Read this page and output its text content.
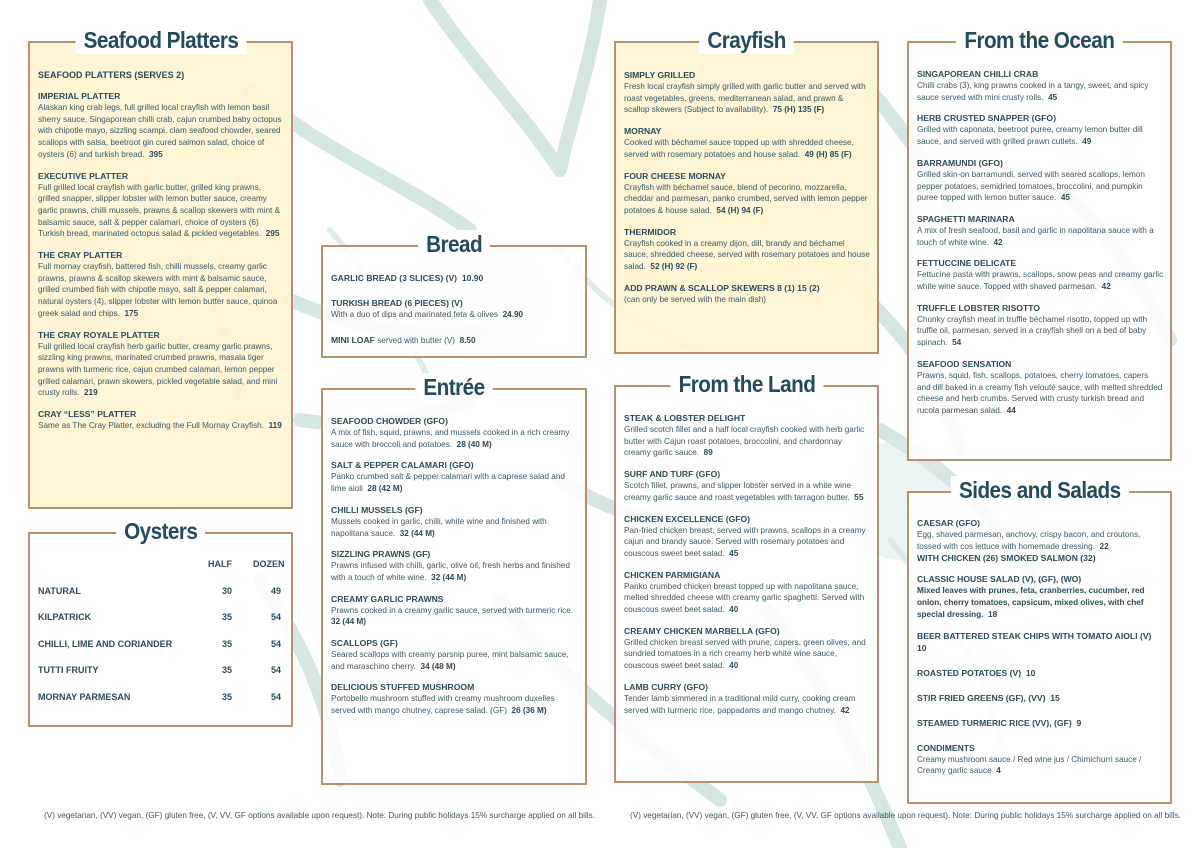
Seafood Platters
SEAFOOD PLATTERS (SERVES 2)
IMPERIAL PLATTER
Alaskan king crab legs, full grilled local crayfish with lemon basil sherry sauce, Singaporean chilli crab, cajun crumbed baby octopus with chipotle mayo, sizzling scampi, clam seafood chowder, seared scallops with salsa, beetroot gin cured salmon salad, choice of oysters (6) and turkish bread. 395
EXECUTIVE PLATTER
Full grilled local crayfish with garlic butter, grilled king prawns, grilled snapper, slipper lobster with lemon butter sauce, creamy garlic prawns, chilli mussels, prawns & scallop skewers with mint & balsamic sauce, salt & pepper calamari, choice of oysters (6) Turkish bread, marinated octopus salad & pickled vegetables. 295
THE CRAY PLATTER
Full mornay crayfish, battered fish, chilli mussels, creamy garlic prawns, prawns & scallop skewers with mint & balsamic sauce, grilled crumbed fish with chipotle mayo, salt & pepper calamari, natural oysters (4), slipper lobster with lemon butter sauce, quinoa greek salad and chips. 175
THE CRAY ROYALE PLATTER
Full grilled local crayfish herb garlic butter, creamy garlic prawns, sizzling king prawns, marinated crumbed prawns, masala tiger prawns with turmeric rice, cajun crumbed calamari, lemon pepper grilled calamari, prawn skewers, pickled vegetable salad, and mini crusty rolls. 219
CRAY “LESS” PLATTER
Same as The Cray Platter, excluding the Full Mornay Crayfish. 119
Oysters
HALF DOZEN
NATURAL	30	49
KILPATRICK	35	54
CHILLI, LIME AND CORIANDER	35	54
TUTTI FRUITY	35	54
MORNAY PARMESAN	35	54
Bread
GARLIC BREAD (3 SLICES) (V) 10.90
TURKISH BREAD (6 PIECES) (V)
With a duo of dips and marinated feta & olives 24.90
MINI LOAF served with butter (V) 8.50
Entrée
SEAFOOD CHOWDER (GFO)
A mix of fish, squid, prawns, and mussels cooked in a rich creamy sauce with broccoli and potatoes. 28 (40 M)
SALT & PEPPER CALAMARI (GFO)
Panko crumbed salt & pepper calamari with a caprese salad and lime aioli 28 (42 M)
CHILLI MUSSELS (GF)
Mussels cooked in garlic, chilli, white wine and finished with napolitana sauce. 32 (44 M)
SIZZLING PRAWNS (GF)
Prawns infused with chilli, garlic, olive oil, fresh herbs and finished with a touch of white wine. 32 (44 M)
CREAMY GARLIC PRAWNS
Prawns cooked in a creamy garlic sauce, served with turmeric rice.  32 (44 M)
SCALLOPS (GF)
Seared scallops with creamy parsnip puree, mint balsamic sauce, and maraschino cherry. 34 (48 M)
DELICIOUS STUFFED MUSHROOM
Portobello mushroom stuffed with creamy mushroom duxelles served with mango chutney, caprese salad. (GF) 26 (36 M)
Crayfish
SIMPLY GRILLED
Fresh local crayfish simply grilled with garlic butter and served with roast vegetables, greens, mediterranean salad, and prawn & scallop skewers (Subject to availability). 75 (H) 135 (F)
MORNAY
Cooked with béchamel sauce topped up with shredded cheese, served with rosemary potatoes and house salad. 49 (H) 85 (F)
FOUR CHEESE MORNAY
Crayfish with béchamel sauce, blend of pecorino, mozzarella, cheddar and parmesan, panko crumbed, served with lemon pepper potatoes & house salad. 54 (H) 94 (F)
THERMIDOR
Crayfish cooked in a creamy dijon, dill, brandy and béchamel sauce, shredded cheese, served with rosemary potatoes and house salad. 52 (H) 92 (F)
ADD PRAWN & SCALLOP SKEWERS 8 (1) 15 (2)
(can only be served with the main dish)
From the Land
STEAK & LOBSTER DELIGHT
Grilled scotch fillet and a half local crayfish cooked with herb garlic butter with Cajun roast potatoes, broccolini, and chardonnay creamy garlic sauce. 89
SURF AND TURF (GFO)
Scotch fillet, prawns, and slipper lobster served in a white wine creamy garlic sauce and roast vegetables with tarragon butter. 55
CHICKEN EXCELLENCE (GFO)
Pan-fried chicken breast, served with prawns, scallops in a creamy cajun and brandy sauce. Served with rosemary potatoes and couscous sweet beet salad. 45
CHICKEN PARMIGIANA
Panko crumbed chicken breast topped up with napolitana sauce, melted shredded cheese with creamy garlic spaghetti. Served with couscous sweet beet salad. 40
CREAMY CHICKEN MARBELLA (GFO)
Grilled chicken breast served with prune, capers, green olives, and sundried tomatoes in a rich creamy herb white wine sauce, couscous sweet beet salad. 40
LAMB CURRY (GFO)
Tender lamb simmered in a traditional mild curry, cooking cream served with turmeric rice, pappadams and mango chutney. 42
From the Ocean
SINGAPOREAN CHILLI CRAB
Chilli crabs (3), king prawns cooked in a tangy, sweet, and spicy sauce served with mini crusty rolls. 45
HERB CRUSTED SNAPPER (GFO)
Grilled with caponata, beetroot puree, creamy lemon butter dill sauce, and served with grilled prawn cutlets. 49
BARRAMUNDI (GFO)
Grilled skin-on barramundi, served with seared scallops, lemon pepper potatoes, semidried tomatoes, broccolini, and pumpkin puree topped with lemon butter sauce. 45
SPAGHETTI MARINARA
A mix of fresh seafood, basil and garlic in napolitana sauce with a touch of white wine. 42
FETTUCCINE DELICATE
Fettucine pasta with prawns, scallops, snow peas and creamy garlic white wine sauce. Topped with shaved parmesan. 42
TRUFFLE LOBSTER RISOTTO
Chunky crayfish meat in truffle béchamel risotto, topped up with truffle oil, parmesan, served in a crayfish shell on a bed of baby spinach. 54
SEAFOOD SENSATION
Prawns, squid, fish, scallops, potatoes, cherry tomatoes, capers and dill baked in a creamy fish velouté sauce, with melted shredded cheese and herb crumbs. Served with crusty turkish bread and rucola parmesan salad. 44
Sides and Salads
CAESAR (GFO)
Egg, shaved parmesan, anchovy, crispy bacon, and croutons, tossed with cos lettuce with homemade dressing. 22
WITH CHICKEN (26) SMOKED SALMON (32)
CLASSIC HOUSE SALAD (V), (GF), (WO)
Mixed leaves with prunes, feta, cranberries, cucumber, red onion, cherry tomatoes, capsicum, mixed olives, with chef special dressing. 18
BEER BATTERED STEAK CHIPS WITH TOMATO AIOLI (V)  10
ROASTED POTATOES (V) 10
STIR FRIED GREENS (GF), (VV) 15
STEAMED TURMERIC RICE (VV), (GF) 9
CONDIMENTS
Creamy mushroom sauce / Red wine jus / Chimichurri sauce / Creamy garlic sauce 4
(V) vegetarian, (VV) vegan, (GF) gluten free, (V, VV, GF options available upon request). Note: During public holidays 15% surcharge applied on all bills.	(V) vegetarian, (VV) vegan, (GF) gluten free, (V, VV, GF options available upon request). Note: During public holidays 15% surcharge applied on all bills.
